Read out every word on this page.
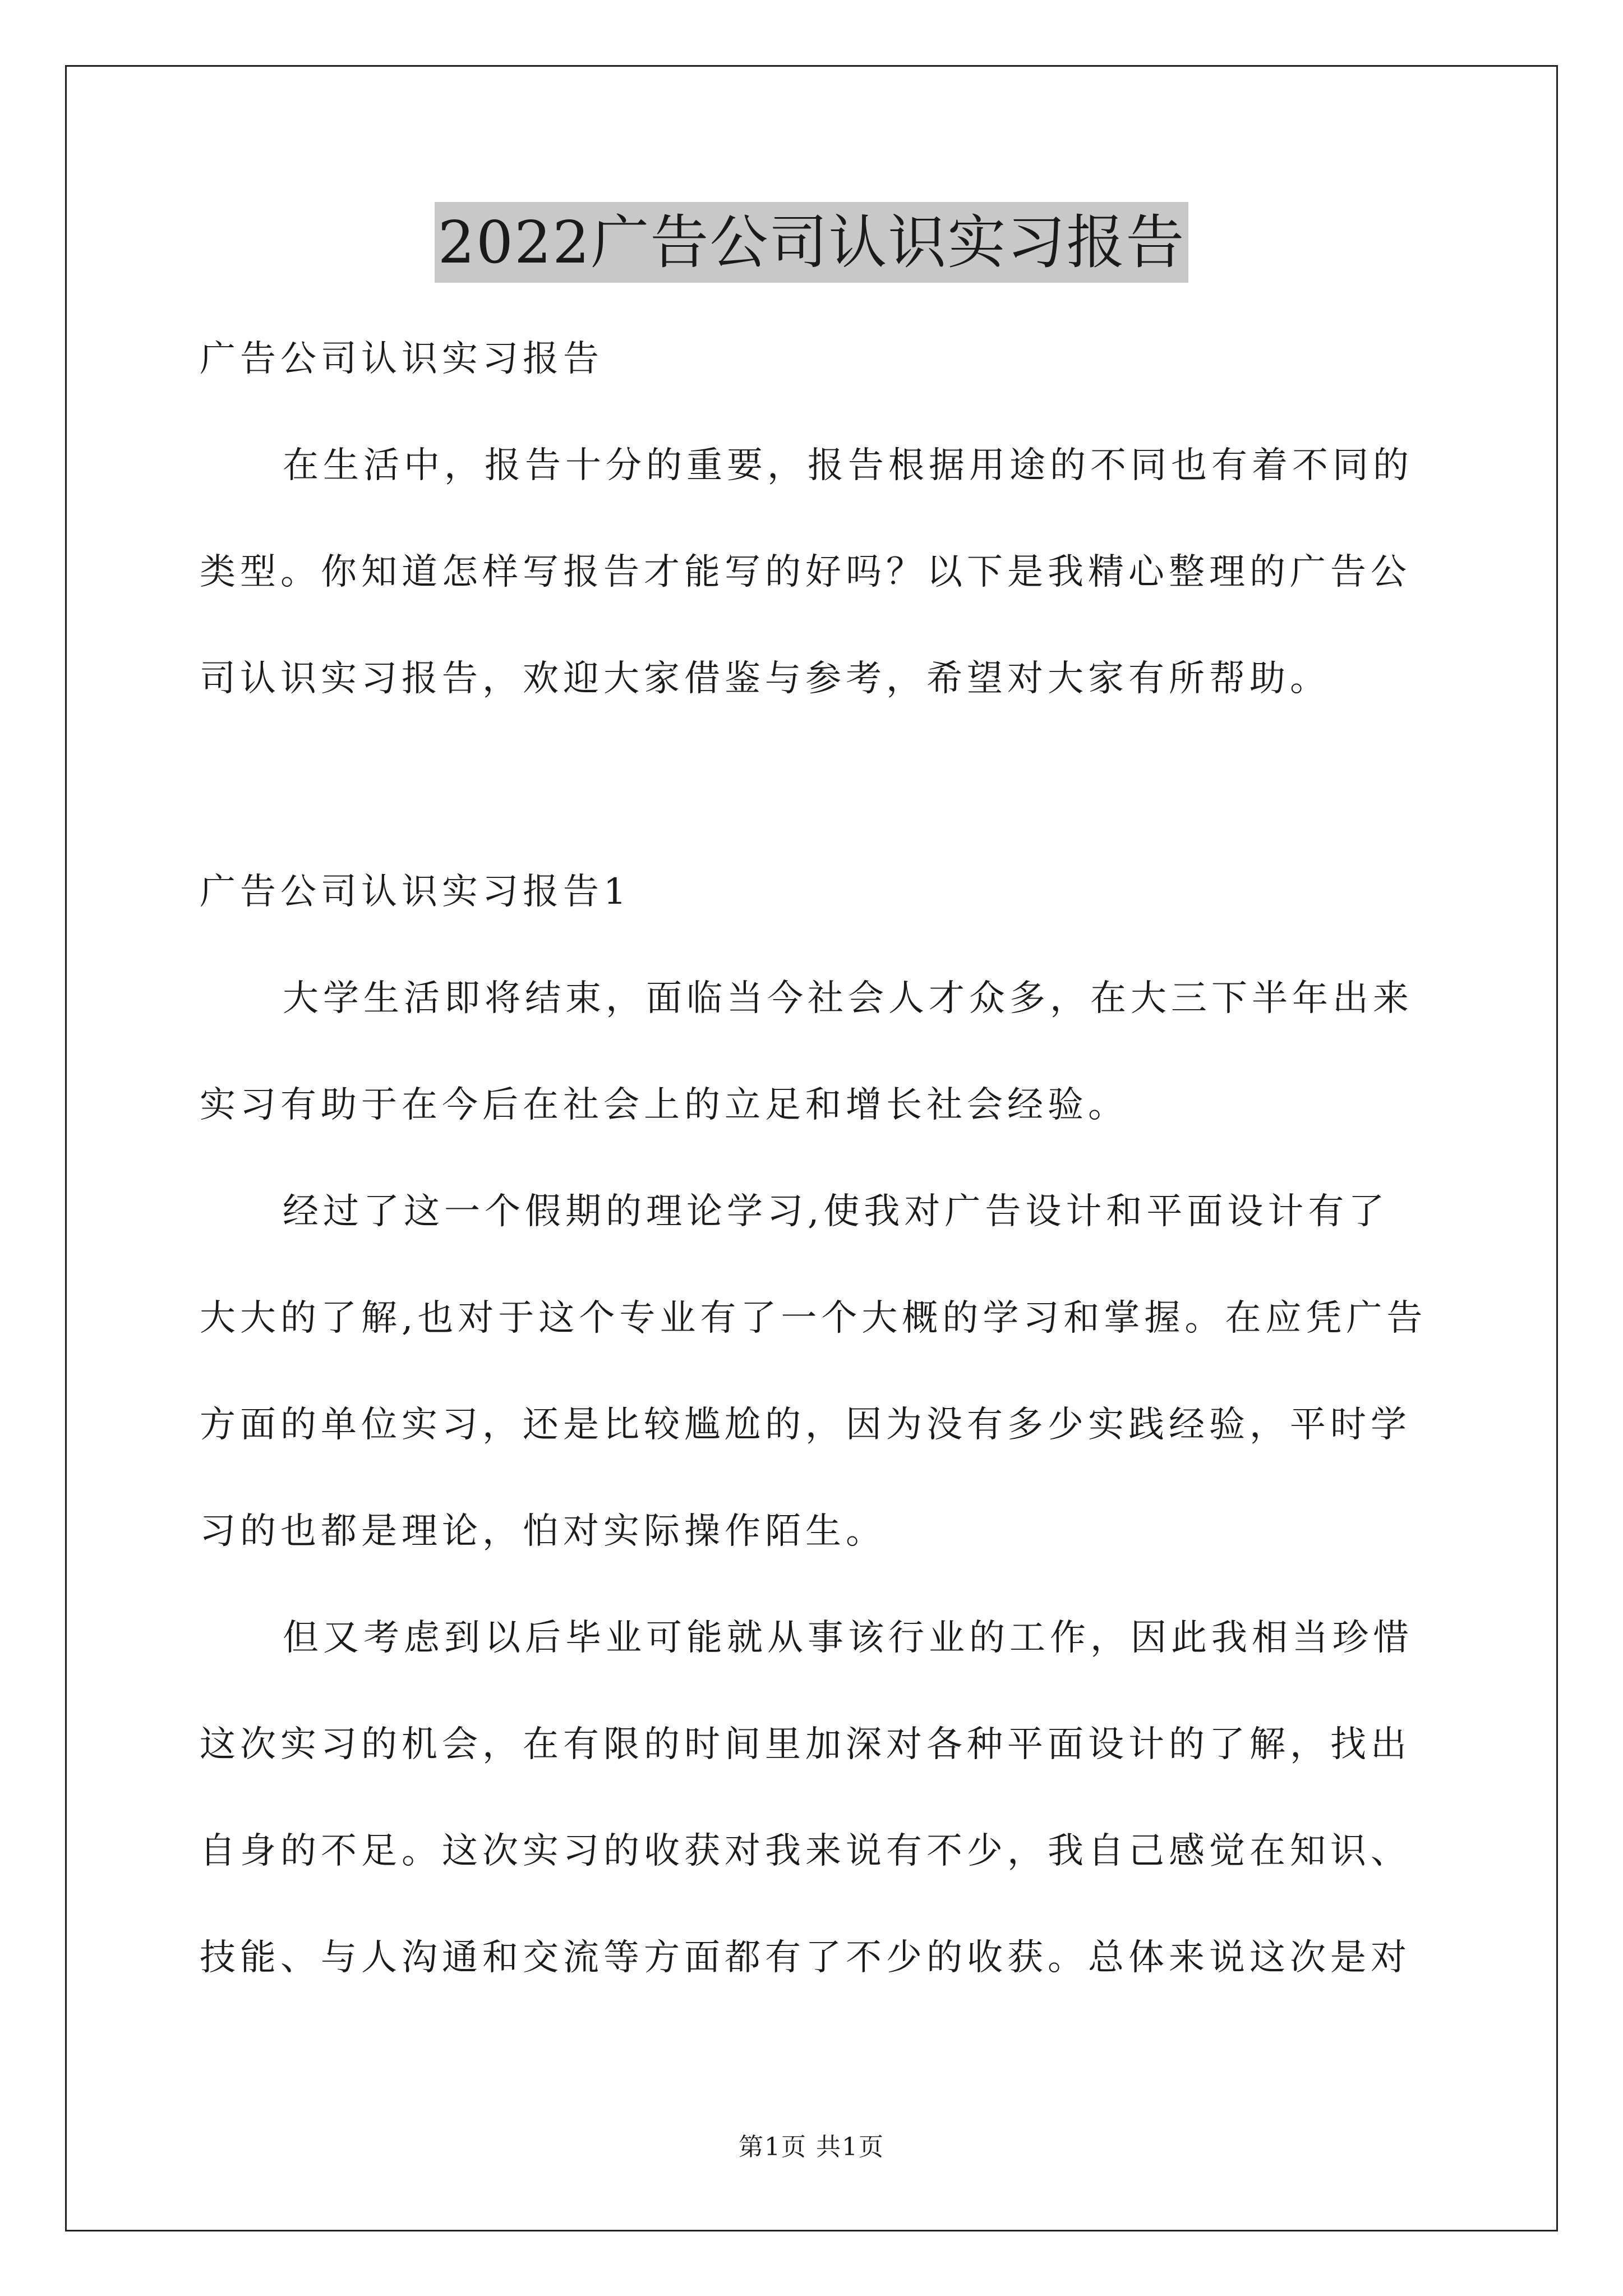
2022广告公司认识实习报告
广告公司认识实习报告
在生活中，报告十分的重要，报告根据用途的不同也有着不同的
类型。你知道怎样写报告才能写的好吗？以下是我精心整理的广告公
司认识实习报告，欢迎大家借鉴与参考，希望对大家有所帮助。
广告公司认识实习报告1
大学生活即将结束，面临当今社会人才众多，在大三下半年出来
实习有助于在今后在社会上的立足和增长社会经验。
经过了这一个假期的理论学习,使我对广告设计和平面设计有了
大大的了解,也对于这个专业有了一个大概的学习和掌握。在应凭广告
方面的单位实习，还是比较尴尬的，因为没有多少实践经验，平时学
习的也都是理论，怕对实际操作陌生。
但又考虑到以后毕业可能就从事该行业的工作，因此我相当珍惜
这次实习的机会，在有限的时间里加深对各种平面设计的了解，找出
自身的不足。这次实习的收获对我来说有不少，我自己感觉在知识、
技能、与人沟通和交流等方面都有了不少的收获。总体来说这次是对
第1页 共1页
